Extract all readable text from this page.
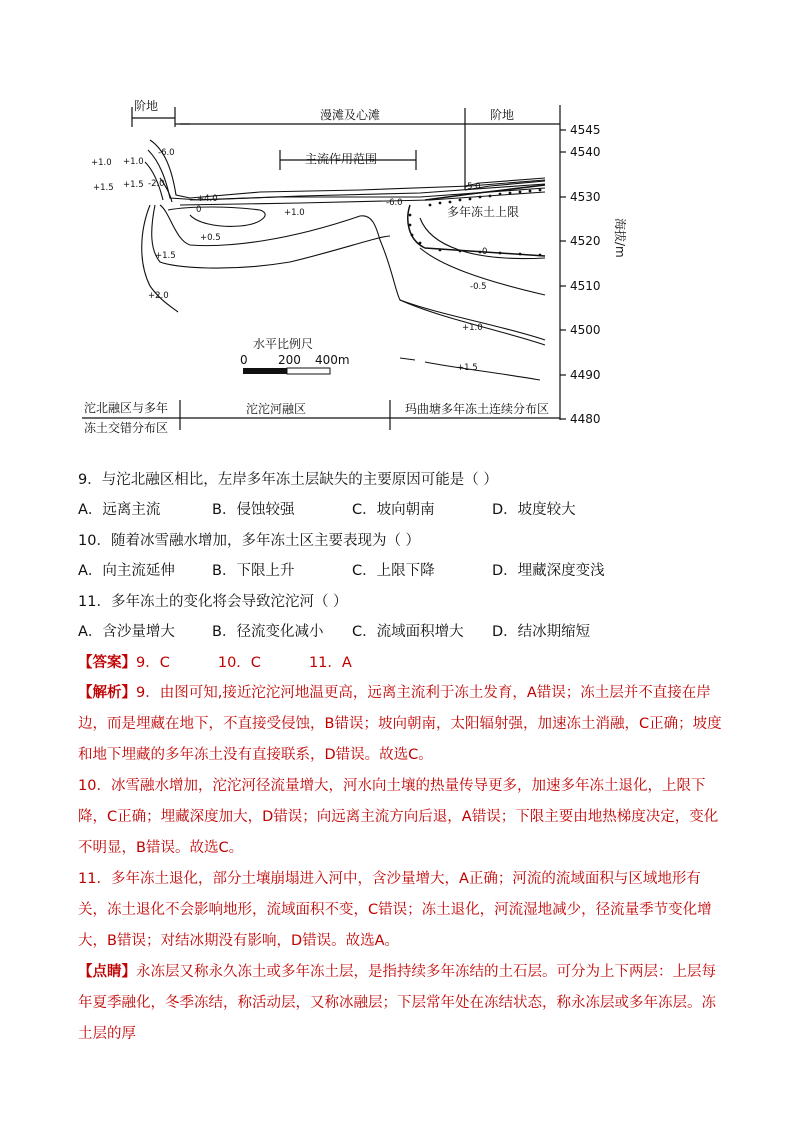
阶地
漫滩及心滩	阶地
主流作用范围
4545
4540
4530
4520
4510
4500
4490
4480
海拔/m
多年冻土上限
+1.0 +1.0
+1.5 +1.5
-6.0
-2.0
+4.0
0
+0.5
+1.5
+2.0
+1.0
-5.0
-6.0
0
-0.5
+1.0
+1.5
水平比例尺
0	200 400m
沱北融区与多年
冻土交错分布区
沱沱河融区	玛曲塘多年冻土连续分布区
9．与沱北融区相比，左岸多年冻土层缺失的主要原因可能是（ ）
A．远离主流	B．侵蚀较强	C．坡向朝南	D．坡度较大
10．随着冰雪融水增加，多年冻土区主要表现为（ ）
A．向主流延伸	B．下限上升	C．上限下降	D．埋藏深度变浅
11．多年冻土的变化将会导致沱沱河（ ）
A．含沙量增大	B．径流变化减小 C．流域面积增大 D．结冰期缩短
【答案】9．C	10．C	11．A
【解析】9．由图可知,接近沱沱河地温更高，远离主流利于冻土发育，A错误；冻土层并不直接在岸边，而是埋藏在地下，不直接受侵蚀，B错误；坡向朝南，太阳辐射强，加速冻土消融，C正确；坡度和地下埋藏的多年冻土没有直接联系，D错误。故选C。
10．冰雪融水增加，沱沱河径流量增大，河水向土壤的热量传导更多，加速多年冻土退化，上限下降，C正确；埋藏深度加大，D错误；向远离主流方向后退，A错误；下限主要由地热梯度决定，变化不明显，B错误。故选C。
11．多年冻土退化，部分土壤崩塌进入河中，含沙量增大，A正确；河流的流域面积与区域地形有关，冻土退化不会影响地形，流域面积不变，C错误；冻土退化，河流湿地减少，径流量季节变化增大，B错误；对结冰期没有影响，D错误。故选A。
【点睛】永冻层又称永久冻土或多年冻土层，是指持续多年冻结的土石层。可分为上下两层：上层每年夏季融化，冬季冻结，称活动层，又称冰融层；下层常年处在冻结状态，称永冻层或多年冻层。冻土层的厚
